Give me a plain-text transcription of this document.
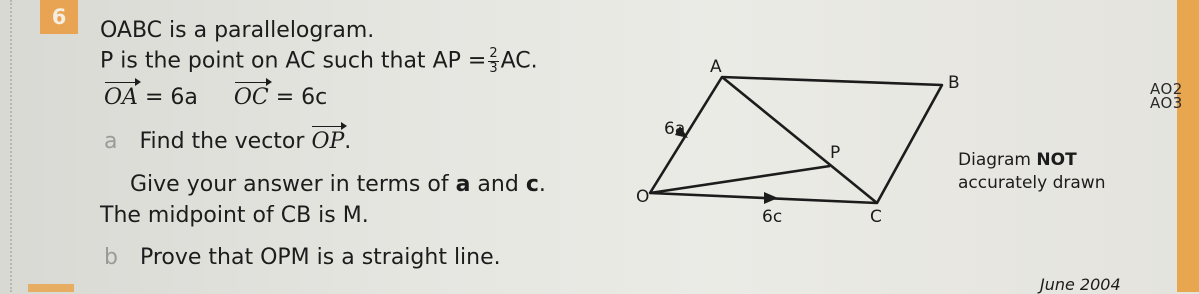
6
OABC is a parallelogram.
P is the point on AC such that AP = $\frac{2}{3}$ AC.
OA = 6a OC = 6c
a Find the vector OP.
Give your answer in terms of a and c.
The midpoint of CB is M.
b Prove that OPM is a straight line.
AO2
AO3
O
A
B
C
P
6a
6c
Diagram NOT
accurately drawn
June 2004
